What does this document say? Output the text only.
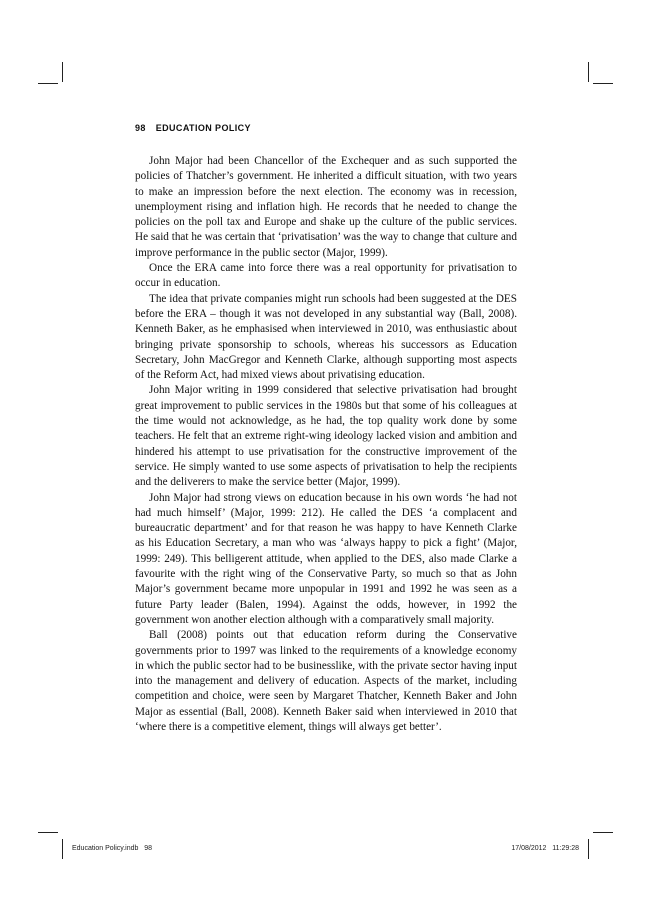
98 EDUCATION POLICY

John Major had been Chancellor of the Exchequer and as such supported the policies of Thatcher’s government. He inherited a difficult situation, with two years to make an impression before the next election. The economy was in recession, unemployment rising and inflation high. He records that he needed to change the policies on the poll tax and Europe and shake up the culture of the public services. He said that he was certain that ‘privatisation’ was the way to change that culture and improve performance in the public sector (Major, 1999).

Once the ERA came into force there was a real opportunity for privatisation to occur in education.

The idea that private companies might run schools had been suggested at the DES before the ERA – though it was not developed in any substantial way (Ball, 2008). Kenneth Baker, as he emphasised when interviewed in 2010, was enthusiastic about bringing private sponsorship to schools, whereas his successors as Education Secretary, John MacGregor and Kenneth Clarke, although supporting most aspects of the Reform Act, had mixed views about privatising education.

John Major writing in 1999 considered that selective privatisation had brought great improvement to public services in the 1980s but that some of his colleagues at the time would not acknowledge, as he had, the top quality work done by some teachers. He felt that an extreme right-wing ideology lacked vision and ambition and hindered his attempt to use privatisation for the constructive improvement of the service. He simply wanted to use some aspects of privatisation to help the recipients and the deliverers to make the service better (Major, 1999).

John Major had strong views on education because in his own words ‘he had not had much himself’ (Major, 1999: 212). He called the DES ‘a complacent and bureaucratic department’ and for that reason he was happy to have Kenneth Clarke as his Education Secretary, a man who was ‘always happy to pick a fight’ (Major, 1999: 249). This belligerent attitude, when applied to the DES, also made Clarke a favourite with the right wing of the Conservative Party, so much so that as John Major’s government became more unpopular in 1991 and 1992 he was seen as a future Party leader (Balen, 1994). Against the odds, however, in 1992 the government won another election although with a comparatively small majority.

Ball (2008) points out that education reform during the Conservative governments prior to 1997 was linked to the requirements of a knowledge economy in which the public sector had to be businesslike, with the private sector having input into the management and delivery of education. Aspects of the market, including competition and choice, were seen by Margaret Thatcher, Kenneth Baker and John Major as essential (Ball, 2008). Kenneth Baker said when interviewed in 2010 that ‘where there is a competitive element, things will always get better’.

Education Policy.indb   98	17/08/2012   11:29:28
